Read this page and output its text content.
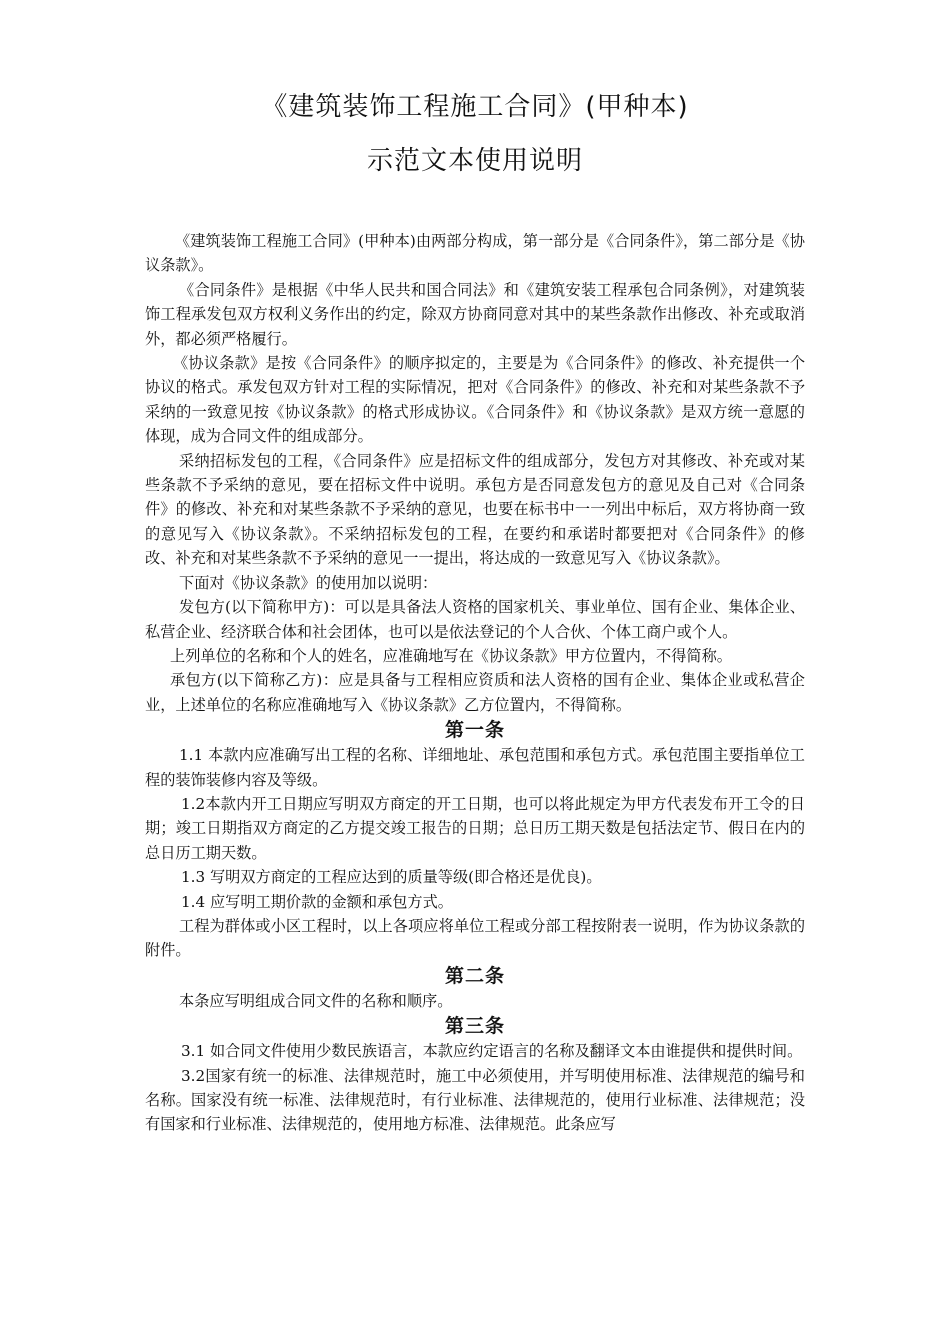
《建筑装饰工程施工合同》(甲种本)
示范文本使用说明

《建筑装饰工程施工合同》(甲种本)由两部分构成，第一部分是《合同条件》，第二部分是《协议条款》。

《合同条件》是根据《中华人民共和国合同法》和《建筑安装工程承包合同条例》，对建筑装饰工程承发包双方权利义务作出的约定，除双方协商同意对其中的某些条款作出修改、补充或取消外，都必须严格履行。

《协议条款》是按《合同条件》的顺序拟定的，主要是为《合同条件》的修改、补充提供一个协议的格式。承发包双方针对工程的实际情况，把对《合同条件》的修改、补充和对某些条款不予采纳的一致意见按《协议条款》的格式形成协议。《合同条件》和《协议条款》是双方统一意愿的体现，成为合同文件的组成部分。

采纳招标发包的工程，《合同条件》应是招标文件的组成部分，发包方对其修改、补充或对某些条款不予采纳的意见，要在招标文件中说明。承包方是否同意发包方的意见及自己对《合同条件》的修改、补充和对某些条款不予采纳的意见，也要在标书中一一列出中标后，双方将协商一致的意见写入《协议条款》。不采纳招标发包的工程，在要约和承诺时都要把对《合同条件》的修改、补充和对某些条款不予采纳的意见一一提出，将达成的一致意见写入《协议条款》。

下面对《协议条款》的使用加以说明：

发包方(以下简称甲方)：可以是具备法人资格的国家机关、事业单位、国有企业、集体企业、私营企业、经济联合体和社会团体，也可以是依法登记的个人合伙、个体工商户或个人。

上列单位的名称和个人的姓名，应准确地写在《协议条款》甲方位置内，不得简称。

承包方(以下简称乙方)：应是具备与工程相应资质和法人资格的国有企业、集体企业或私营企业，上述单位的名称应准确地写入《协议条款》乙方位置内，不得简称。

第一条

1.1 本款内应准确写出工程的名称、详细地址、承包范围和承包方式。承包范围主要指单位工程的装饰装修内容及等级。

1.2本款内开工日期应写明双方商定的开工日期，也可以将此规定为甲方代表发布开工令的日期；竣工日期指双方商定的乙方提交竣工报告的日期；总日历工期天数是包括法定节、假日在内的总日历工期天数。

1.3 写明双方商定的工程应达到的质量等级(即合格还是优良)。

1.4 应写明工期价款的金额和承包方式。

工程为群体或小区工程时，以上各项应将单位工程或分部工程按附表一说明，作为协议条款的附件。

第二条

本条应写明组成合同文件的名称和顺序。

第三条

3.1 如合同文件使用少数民族语言，本款应约定语言的名称及翻译文本由谁提供和提供时间。

3.2国家有统一的标准、法律规范时，施工中必须使用，并写明使用标准、法律规范的编号和名称。国家没有统一标准、法律规范时，有行业标准、法律规范的，使用行业标准、法律规范；没有国家和行业标准、法律规范的，使用地方标准、法律规范。此条应写
